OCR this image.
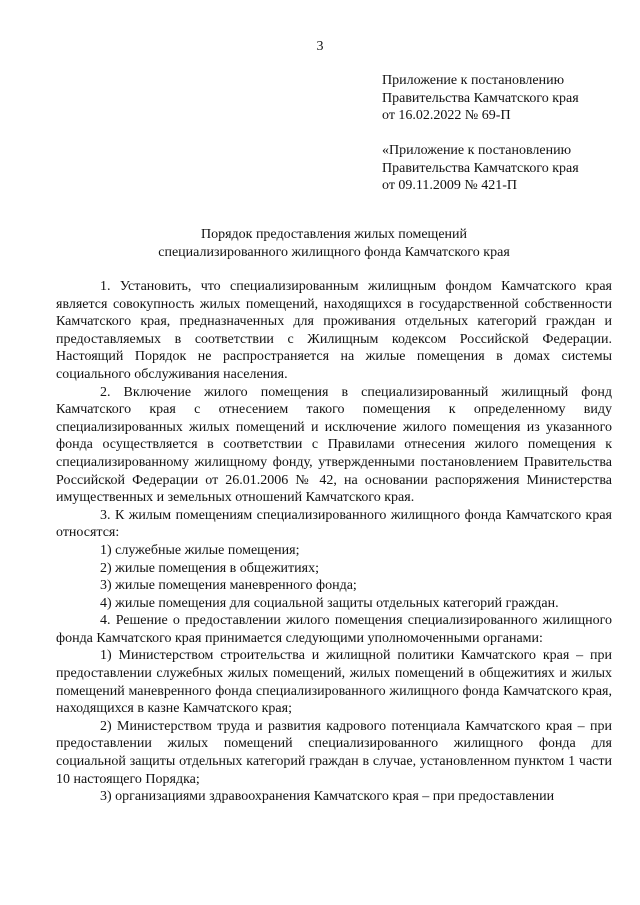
3
Приложение к постановлению
Правительства Камчатского края
от 16.02.2022 № 69-П
«Приложение к постановлению
Правительства Камчатского края
от 09.11.2009 № 421-П
Порядок предоставления жилых помещений
специализированного жилищного фонда Камчатского края

1. Установить, что специализированным жилищным фондом Камчатского края является совокупность жилых помещений, находящихся в государственной собственности Камчатского края, предназначенных для проживания отдельных категорий граждан и предоставляемых в соответствии с Жилищным кодексом Российской Федерации. Настоящий Порядок не распространяется на жилые помещения в домах системы социального обслуживания населения.

2. Включение жилого помещения в специализированный жилищный фонд Камчатского края с отнесением такого помещения к определенному виду специализированных жилых помещений и исключение жилого помещения из указанного фонда осуществляется в соответствии с Правилами отнесения жилого помещения к специализированному жилищному фонду, утвержденными постановлением Правительства Российской Федерации от 26.01.2006 № 42, на основании распоряжения Министерства имущественных и земельных отношений Камчатского края.

3. К жилым помещениям специализированного жилищного фонда Камчатского края относятся:

1) служебные жилые помещения;

2) жилые помещения в общежитиях;

3) жилые помещения маневренного фонда;

4) жилые помещения для социальной защиты отдельных категорий граждан.

4. Решение о предоставлении жилого помещения специализированного жилищного фонда Камчатского края принимается следующими уполномоченными органами:

1) Министерством строительства и жилищной политики Камчатского края – при предоставлении служебных жилых помещений, жилых помещений в общежитиях и жилых помещений маневренного фонда специализированного жилищного фонда Камчатского края, находящихся в казне Камчатского края;

2) Министерством труда и развития кадрового потенциала Камчатского края – при предоставлении жилых помещений специализированного жилищного фонда для социальной защиты отдельных категорий граждан в случае, установленном пунктом 1 части 10 настоящего Порядка;

3) организациями здравоохранения Камчатского края – при предоставлении
